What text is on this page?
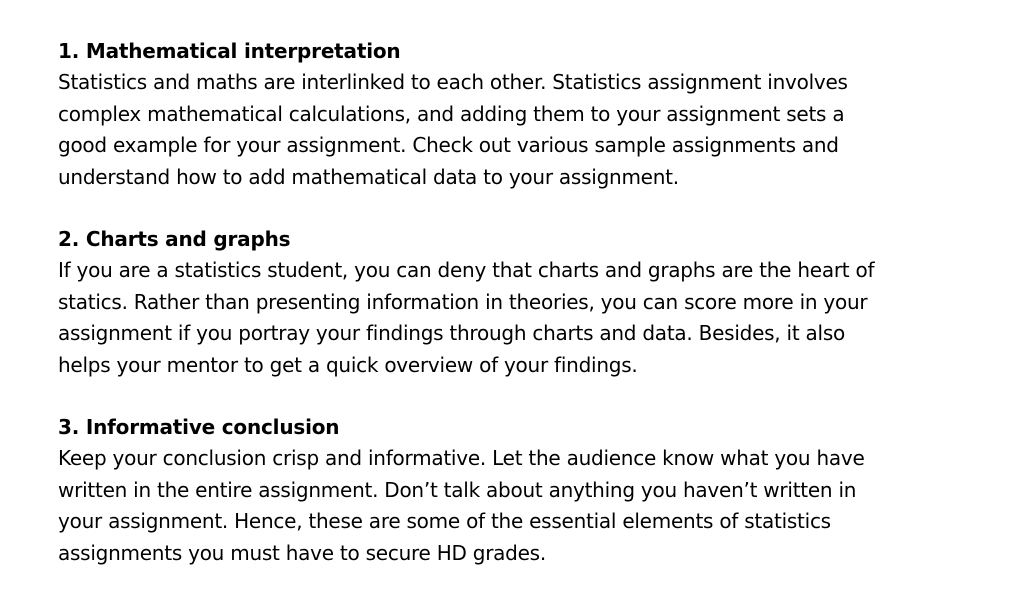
1. Mathematical interpretation

Statistics and maths are interlinked to each other. Statistics assignment involves

complex mathematical calculations, and adding them to your assignment sets a

good example for your assignment. Check out various sample assignments and

understand how to add mathematical data to your assignment.

2. Charts and graphs

If you are a statistics student, you can deny that charts and graphs are the heart of

statics. Rather than presenting information in theories, you can score more in your

assignment if you portray your findings through charts and data. Besides, it also

helps your mentor to get a quick overview of your findings.

3. Informative conclusion

Keep your conclusion crisp and informative. Let the audience know what you have

written in the entire assignment. Don’t talk about anything you haven’t written in

your assignment. Hence, these are some of the essential elements of statistics

assignments you must have to secure HD grades.
